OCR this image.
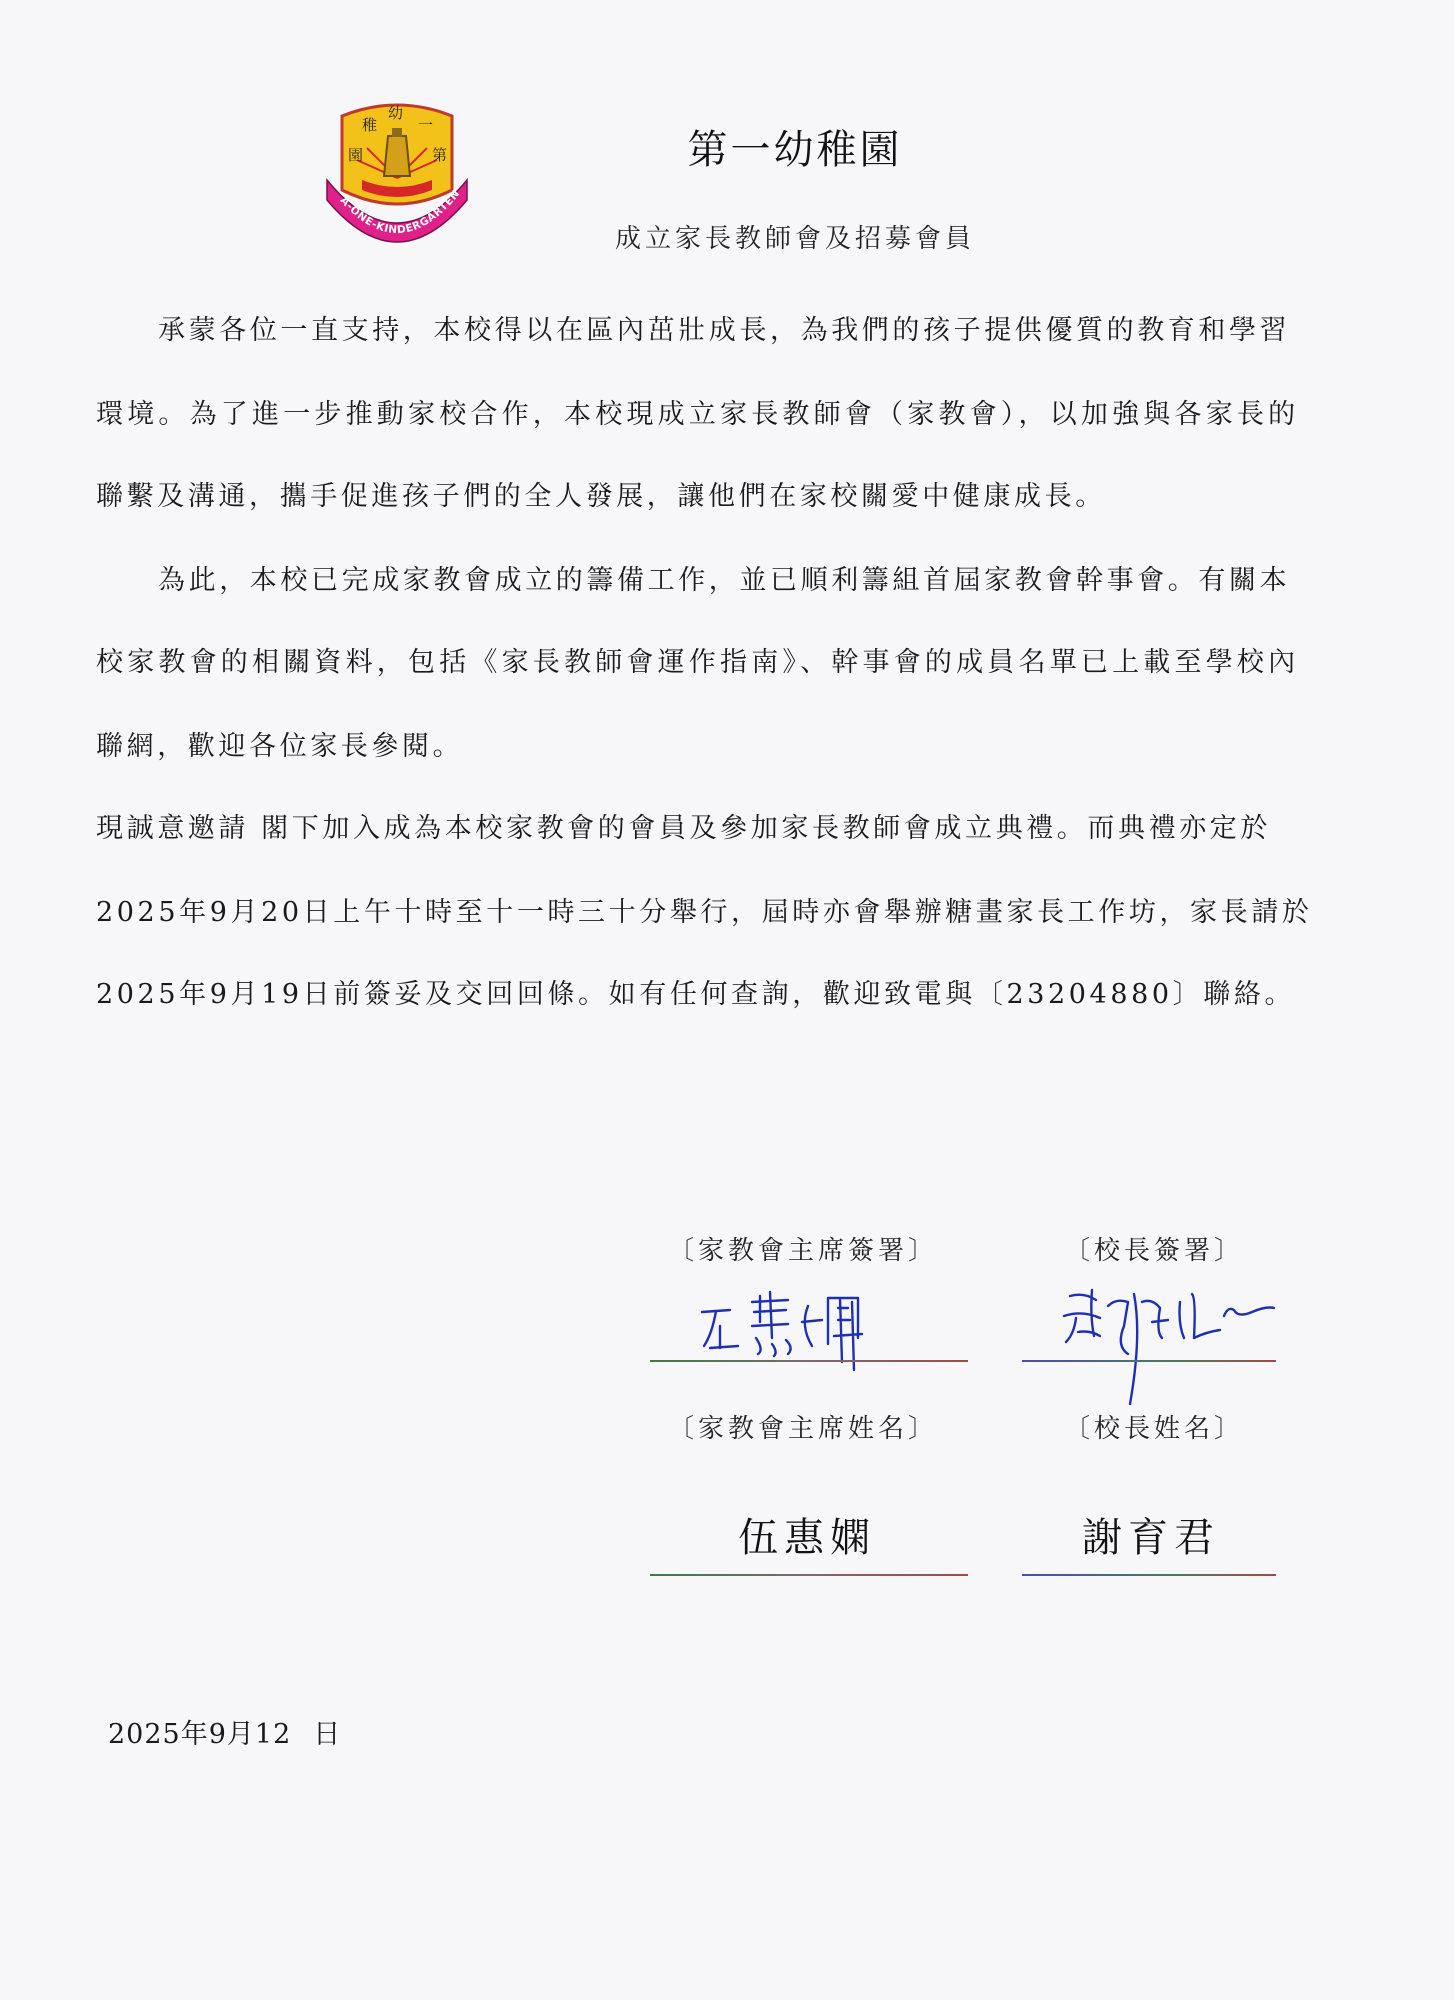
稚
幼
一
園	第
A-ONE-KINDERGARTEN
第一幼稚園
成立家長教師會及招募會員
承蒙各位一直支持，本校得以在區內茁壯成長，為我們的孩子提供優質的教育和學習
環境。為了進一步推動家校合作，本校現成立家長教師會（家教會），以加強與各家長的
聯繫及溝通，攜手促進孩子們的全人發展，讓他們在家校關愛中健康成長。
為此，本校已完成家教會成立的籌備工作，並已順利籌組首屆家教會幹事會。有關本
校家教會的相關資料，包括《家長教師會運作指南》、幹事會的成員名單已上載至學校內
聯網，歡迎各位家長參閱。
現誠意邀請 閣下加入成為本校家教會的會員及參加家長教師會成立典禮。而典禮亦定於
2025年9月20日上午十時至十一時三十分舉行，屆時亦會舉辦糖畫家長工作坊，家長請於
2025年9月19日前簽妥及交回回條。如有任何查詢，歡迎致電與〔23204880〕聯絡。
〔家教會主席簽署〕	〔校長簽署〕
〔家教會主席姓名〕	〔校長姓名〕
伍惠嫻	謝育君
2025年9月12 日
